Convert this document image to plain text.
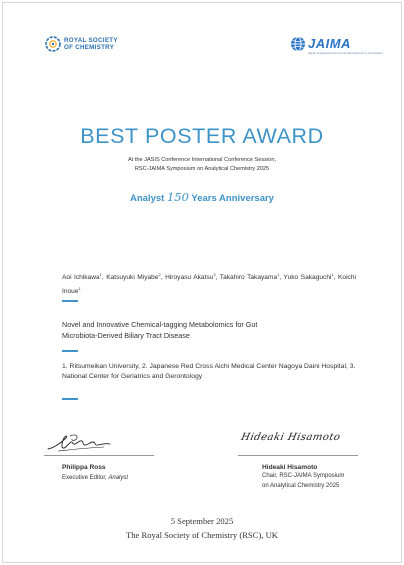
ROYAL SOCIETY
OF CHEMISTRY	JAIMA
Japan Analytical Instruments Manufacturers' Association
BEST POSTER AWARD
At the JASIS Conference International Conference Session,
RSC-JAIMA Symposium on Analytical Chemistry 2025
Analyst 150 Years Anniversary
Aoi Ichikawa$^1$, Katsuyuki Miyabe$^2$, Hiroyasu Akatsu$^3$, Takahiro Takayama$^1$, Yuko Sakaguchi$^1$, Koichi Inoue$^1$
Novel and Innovative Chemical-tagging Metabolomics for Gut
Microbiota-Derived Biliary Tract Disease
1. Ritsumeikan University, 2. Japanese Red Cross Aichi Medical Center Nagoya Daini Hospital, 3. National Center for Geriatrics and Gerontology
Hideaki Hisamoto
Philippa Ross
Executive Editor, Analyst
Hideaki Hisamoto
Chair, RSC-JAIMA Symposium
on Analytical Chemistry 2025
5 September 2025
The Royal Society of Chemistry (RSC), UK
